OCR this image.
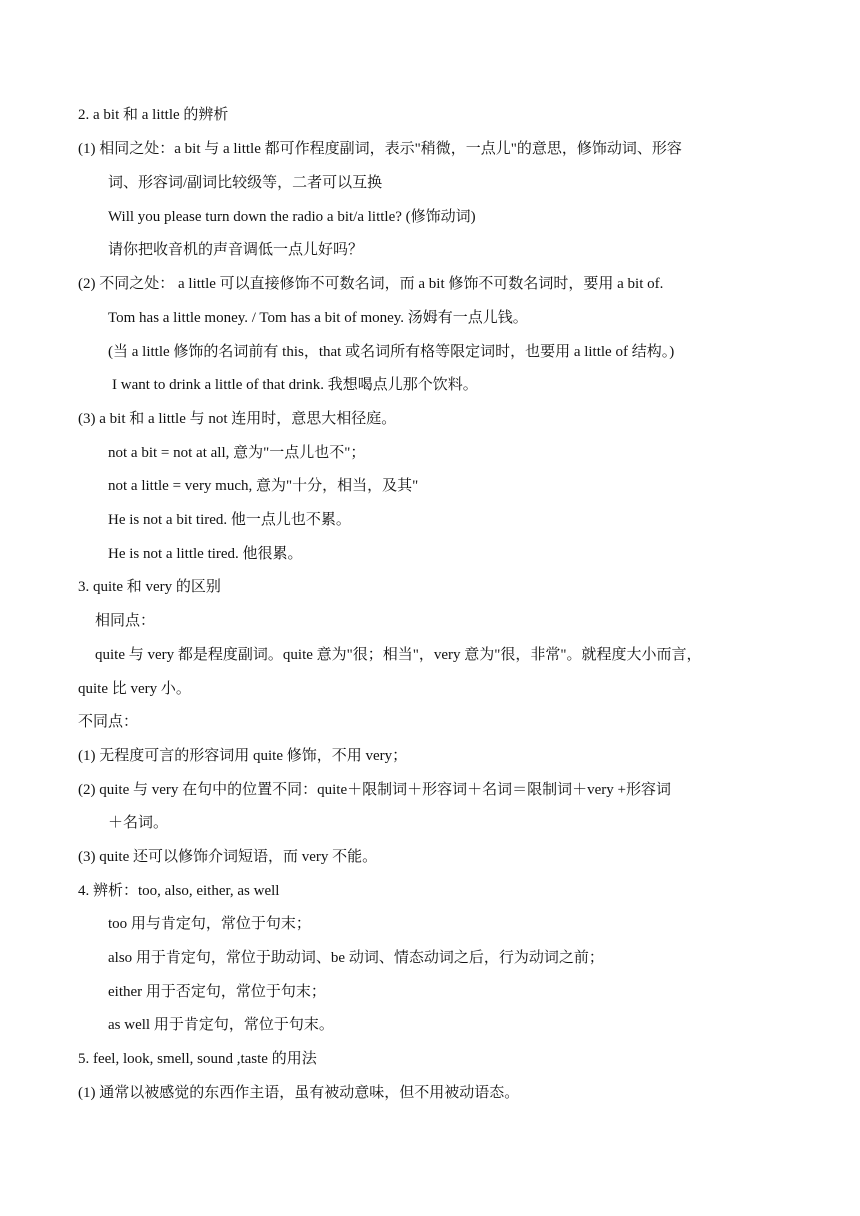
2. a bit 和 a little 的辨析
(1) 相同之处：a bit 与 a little 都可作程度副词，表示"稍微，一点儿"的意思，修饰动词、形容
词、形容词/副词比较级等，二者可以互换
Will you please turn down the radio a bit/a little? (修饰动词)
请你把收音机的声音调低一点儿好吗？
(2) 不同之处： a little 可以直接修饰不可数名词，而 a bit 修饰不可数名词时，要用 a bit of.
Tom has a little money. / Tom has a bit of money. 汤姆有一点儿钱。
(当 a little 修饰的名词前有 this，that 或名词所有格等限定词时，也要用 a little of 结构。)
I want to drink a little of that drink. 我想喝点儿那个饮料。
(3) a bit 和 a little 与 not 连用时，意思大相径庭。
not a bit = not at all, 意为"一点儿也不"；
not a little = very much, 意为"十分，相当，及其"
He is not a bit tired. 他一点儿也不累。
He is not a little tired. 他很累。
3. quite 和 very 的区别
相同点：
quite 与 very 都是程度副词。quite 意为"很；相当"，very 意为"很，非常"。就程度大小而言，
quite 比 very 小。
不同点：
(1) 无程度可言的形容词用 quite 修饰，不用 very；
(2) quite 与 very 在句中的位置不同：quite＋限制词＋形容词＋名词＝限制词＋very +形容词
＋名词。
(3) quite 还可以修饰介词短语，而 very 不能。
4. 辨析：too, also, either, as well
too 用与肯定句，常位于句末；
also 用于肯定句，常位于助动词、be 动词、情态动词之后，行为动词之前；
either 用于否定句，常位于句末；
as well 用于肯定句，常位于句末。
5. feel, look, smell, sound ,taste 的用法
(1) 通常以被感觉的东西作主语，虽有被动意味，但不用被动语态。
